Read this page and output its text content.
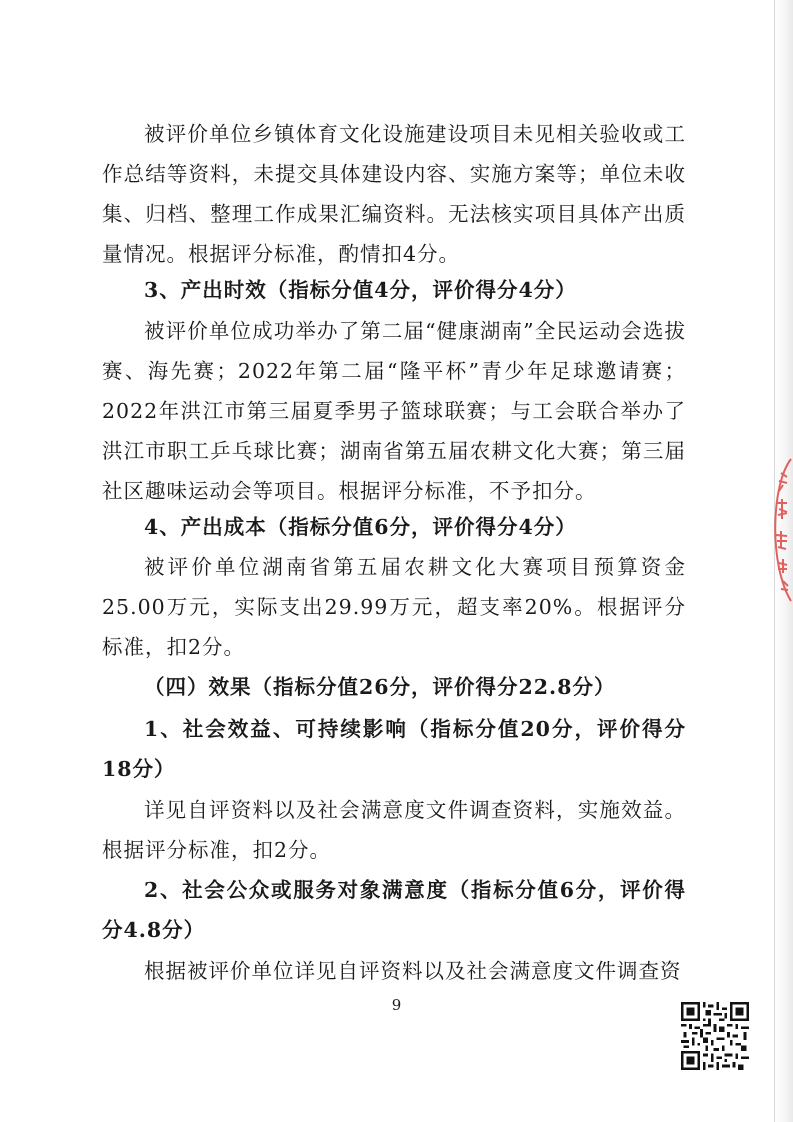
被评价单位乡镇体育文化设施建设项目未见相关验收或工作总结等资料，未提交具体建设内容、实施方案等；单位未收集、归档、整理工作成果汇编资料。无法核实项目具体产出质量情况。根据评分标准，酌情扣4分。

3、产出时效（指标分值4分，评价得分4分）

被评价单位成功举办了第二届“健康湖南”全民运动会选拔赛、海先赛；2022年第二届“隆平杯”青少年足球邀请赛；2022年洪江市第三届夏季男子篮球联赛；与工会联合举办了洪江市职工乒乓球比赛；湖南省第五届农耕文化大赛；第三届社区趣味运动会等项目。根据评分标准，不予扣分。

4、产出成本（指标分值6分，评价得分4分）

被评价单位湖南省第五届农耕文化大赛项目预算资金25.00万元，实际支出29.99万元，超支率20%。根据评分标准，扣2分。

（四）效果（指标分值26分，评价得分22.8分）

1、社会效益、可持续影响（指标分值20分，评价得分18分）

详见自评资料以及社会满意度文件调查资料，实施效益。根据评分标准，扣2分。

2、社会公众或服务对象满意度（指标分值6分，评价得分4.8分）

根据被评价单位详见自评资料以及社会满意度文件调查资

9
